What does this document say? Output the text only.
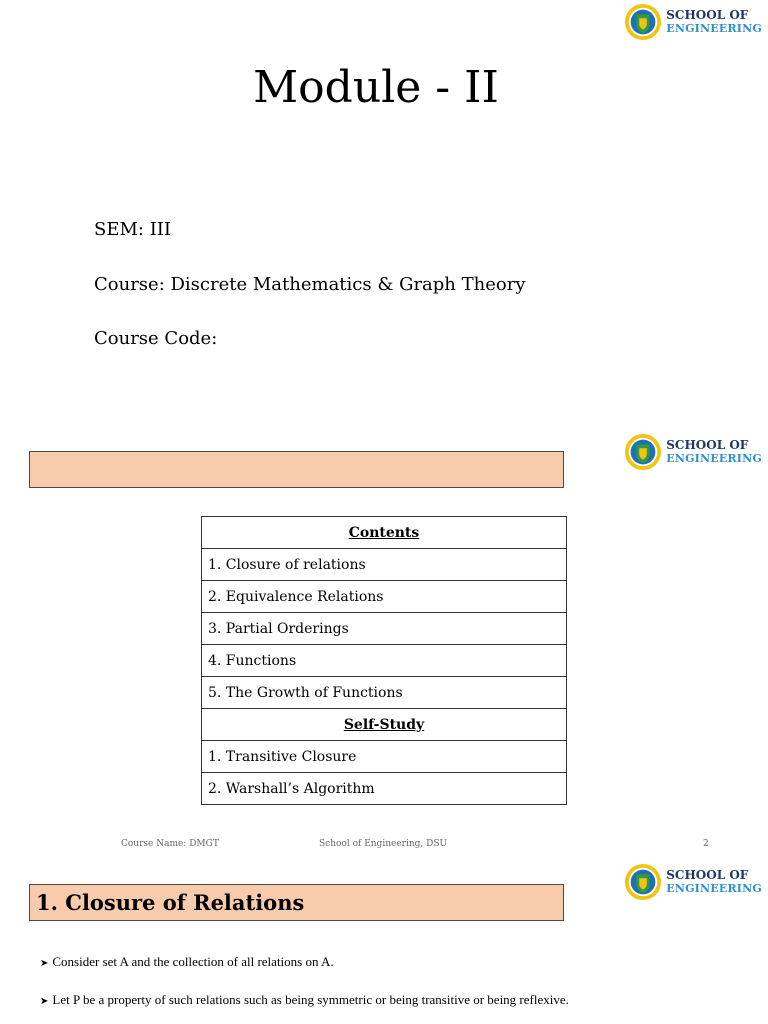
SCHOOL OF
ENGINEERING
Module - II
SEM: III
Course: Discrete Mathematics & Graph Theory
Course Code:
SCHOOL OF
ENGINEERING
Contents
1. Closure of relations
2. Equivalence Relations
3. Partial Orderings
4. Functions
5. The Growth of Functions
Self-Study
1. Transitive Closure
2. Warshall’s Algorithm
Course Name: DMGT	School of Engineering, DSU	2
SCHOOL OF
ENGINEERING
1. Closure of Relations
➤ Consider set A and the collection of all relations on A.
➤ Let P be a property of such relations such as being symmetric or being transitive or being reflexive.
